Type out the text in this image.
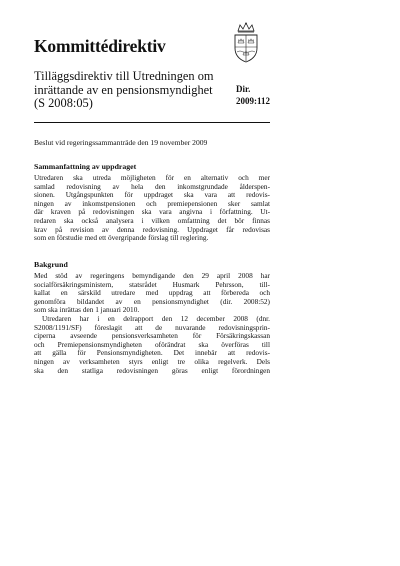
Kommittédirektiv
Tilläggsdirektiv till Utredningen om
inrättande av en pensionsmyndighet
(S 2008:05)
Dir.
2009:112
Beslut vid regeringssammanträde den 19 november 2009
Sammanfattning av uppdraget
Utredaren ska utreda möjligheten för en alternativ och mer
samlad redovisning av hela den inkomstgrundade ålderspen-
sionen. Utgångspunkten för uppdraget ska vara att redovis-
ningen av inkomstpensionen och premiepensionen sker samlat
där kraven på redovisningen ska vara angivna i författning. Ut-
redaren ska också analysera i vilken omfattning det bör finnas
krav på revision av denna redovisning. Uppdraget får redovisas
som en förstudie med ett övergripande förslag till reglering.
Bakgrund
Med stöd av regeringens bemyndigande den 29 april 2008 har
socialförsäkringsministern, statsrådet Husmark Pehrsson, till-
kallat en särskild utredare med uppdrag att förbereda och
genomföra bildandet av en pensionsmyndighet (dir. 2008:52)
som ska inrättas den 1 januari 2010.
Utredaren har i en delrapport den 12 december 2008 (dnr.
S2008/1191/SF) föreslagit att de nuvarande redovisningsprin-
ciperna avseende pensionsverksamheten för Försäkringskassan
och Premiepensionsmyndigheten oförändrat ska överföras till
att gälla för Pensionsmyndigheten. Det innebär att redovis-
ningen av verksamheten styrs enligt tre olika regelverk. Dels
ska den statliga redovisningen göras enligt förordningen
